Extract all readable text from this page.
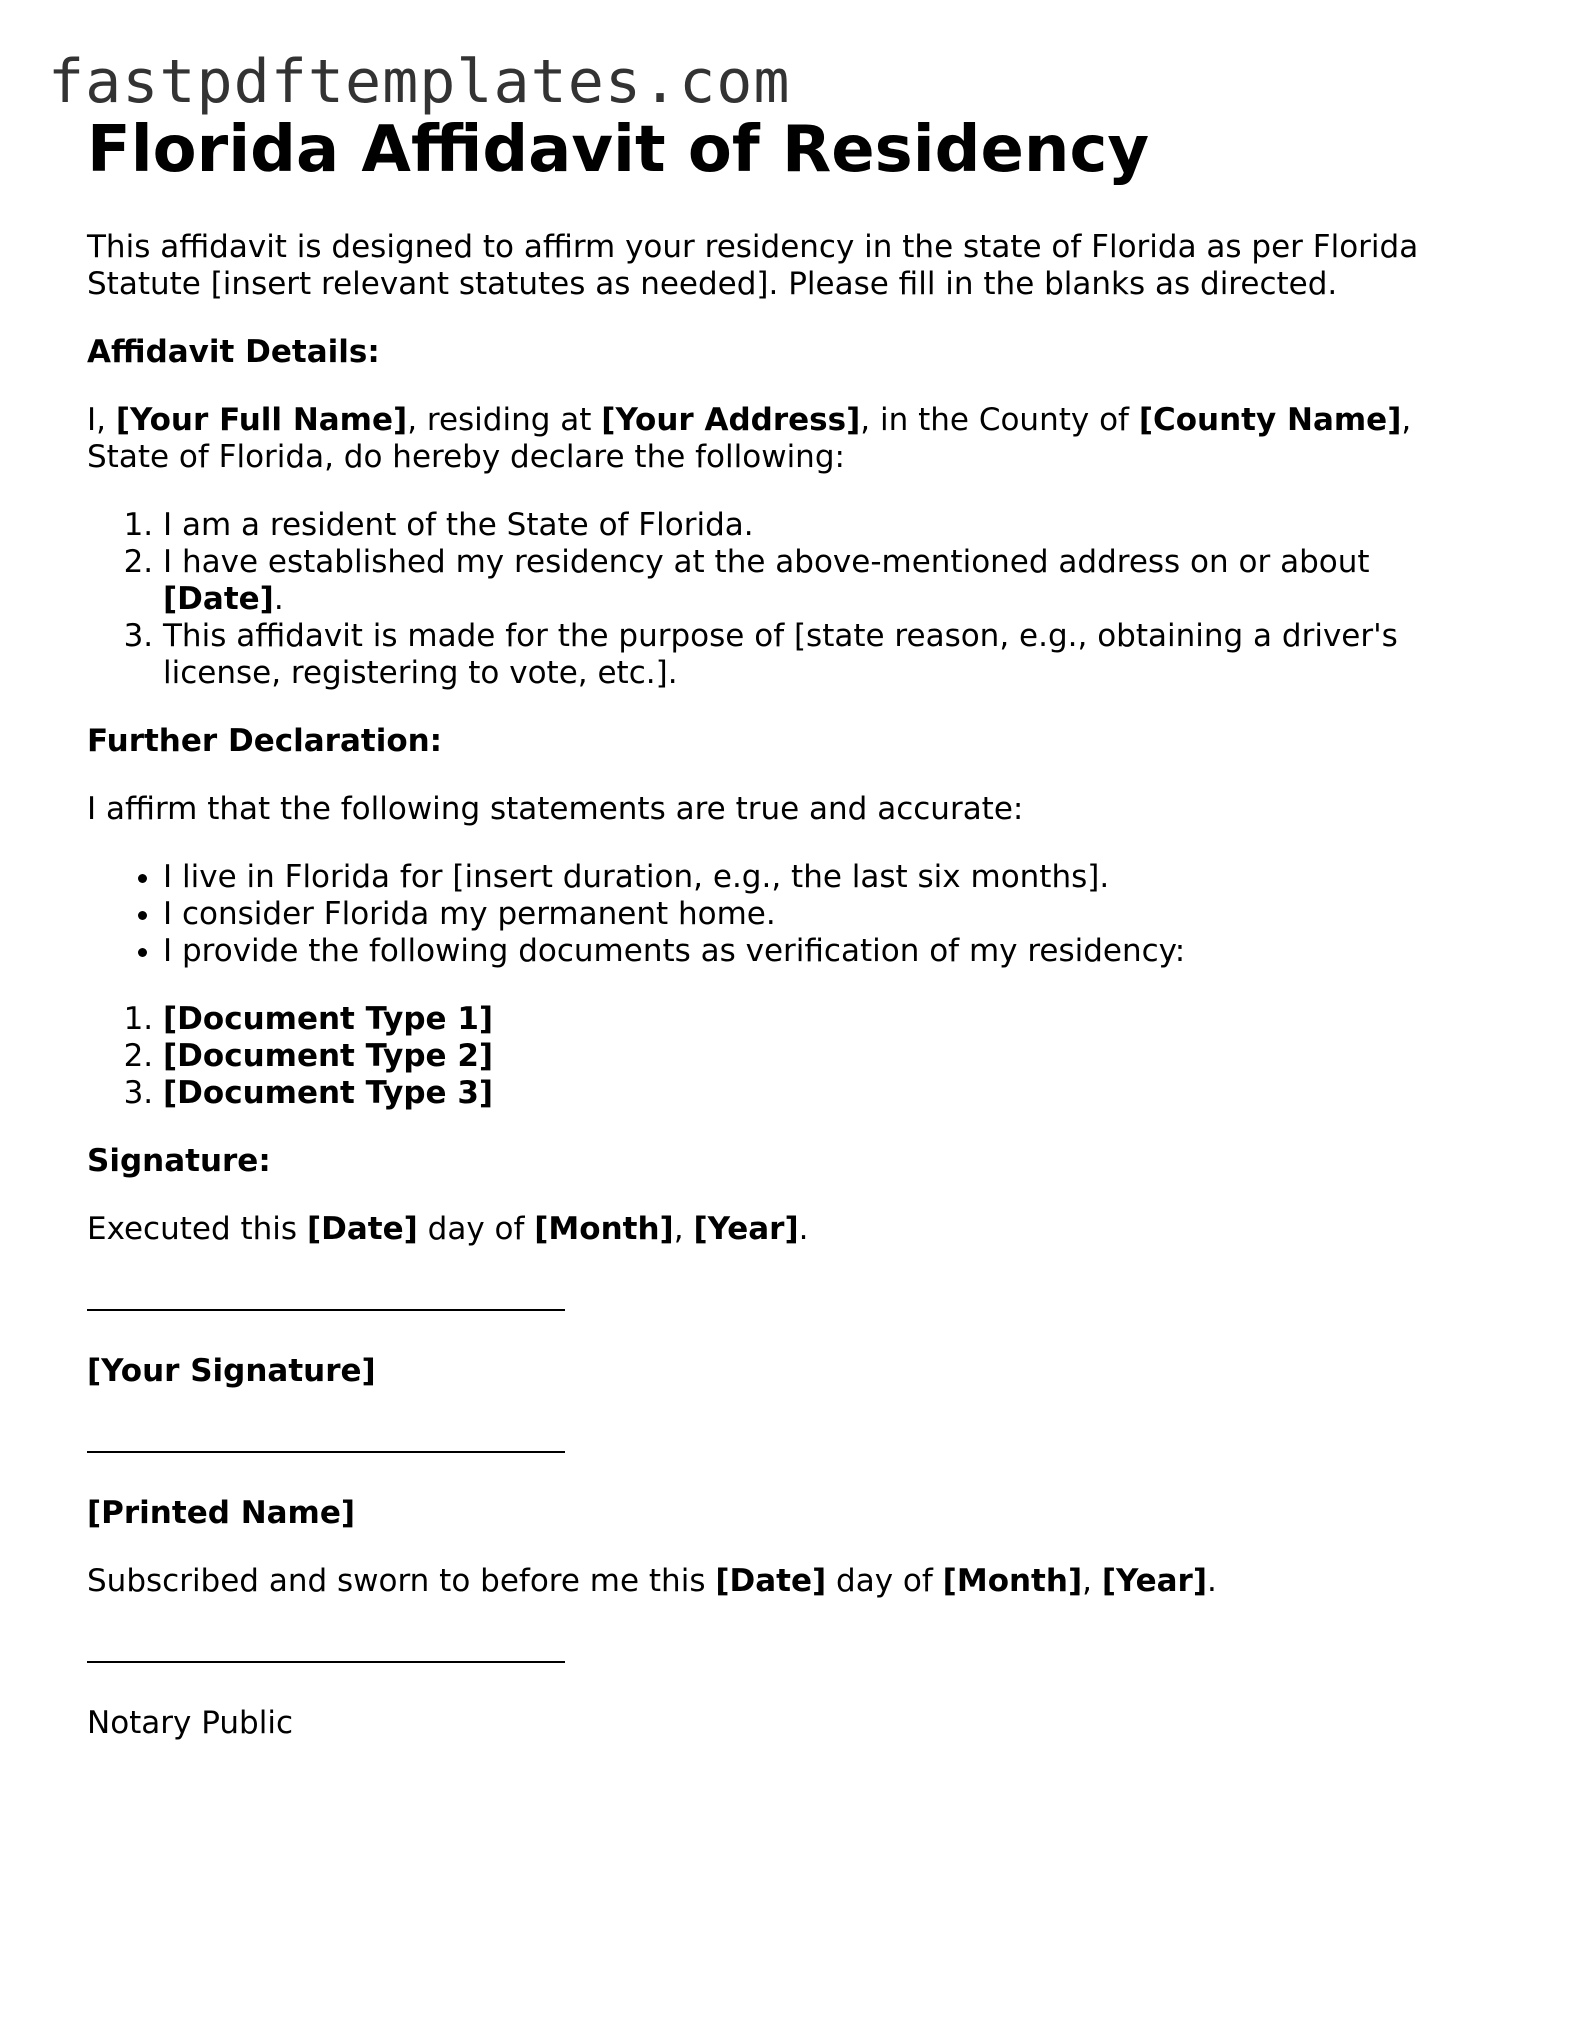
fastpdftemplates.com
Florida Affidavit of Residency

This affidavit is designed to affirm your residency in the state of Florida as per Florida Statute [insert relevant statutes as needed]. Please fill in the blanks as directed.

Affidavit Details:

I, [Your Full Name], residing at [Your Address], in the County of [County Name], State of Florida, do hereby declare the following:

1. I am a resident of the State of Florida.
2. I have established my residency at the above-mentioned address on or about [Date].
3. This affidavit is made for the purpose of [state reason, e.g., obtaining a driver's license, registering to vote, etc.].

Further Declaration:

I affirm that the following statements are true and accurate:

• I live in Florida for [insert duration, e.g., the last six months].
• I consider Florida my permanent home.
• I provide the following documents as verification of my residency:
1. [Document Type 1]
2. [Document Type 2]
3. [Document Type 3]

Signature:

Executed this [Date] day of [Month], [Year].

[Your Signature]

[Printed Name]

Subscribed and sworn to before me this [Date] day of [Month], [Year].

Notary Public
